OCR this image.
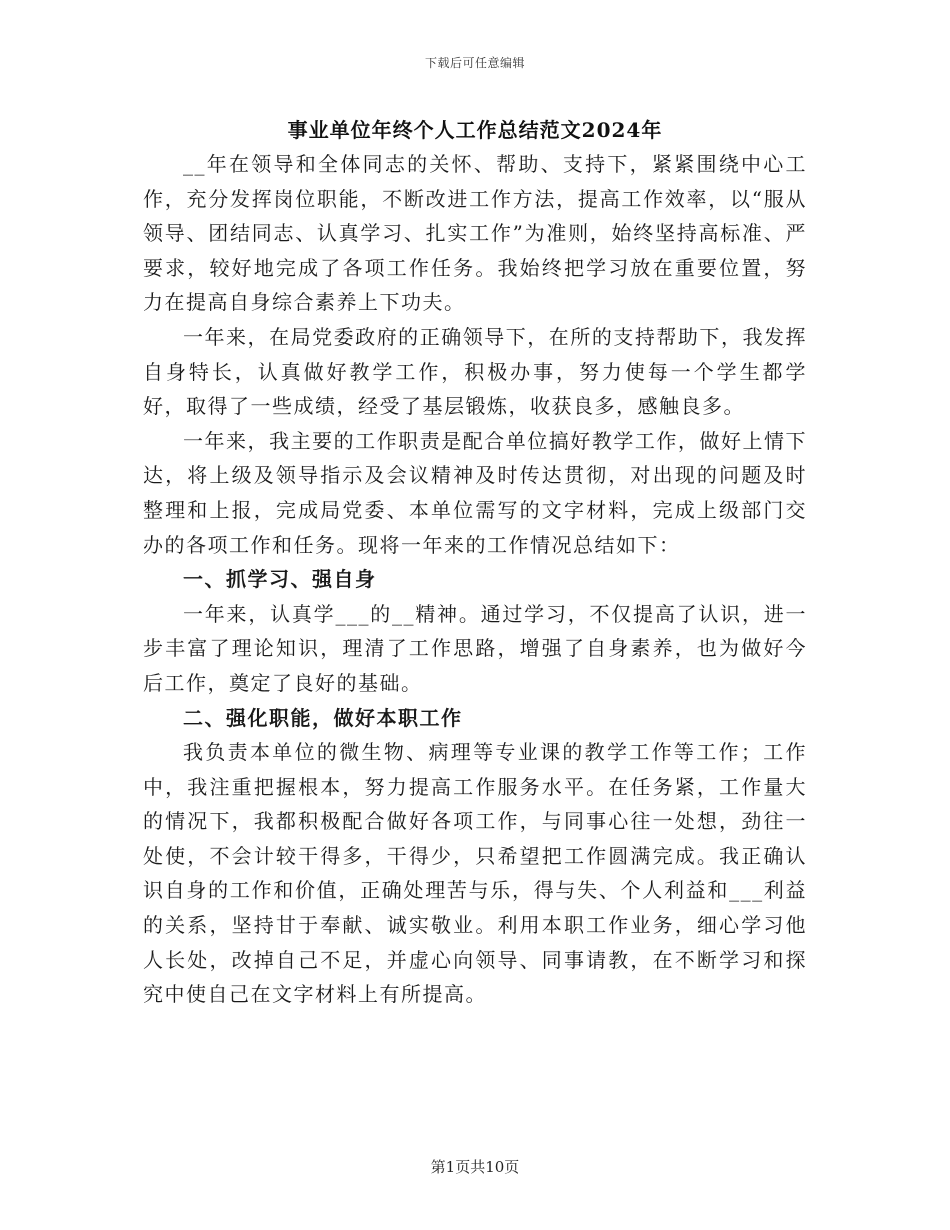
下载后可任意编辑
事业单位年终个人工作总结范文2024年

__年在领导和全体同志的关怀、帮助、支持下，紧紧围绕中心工作，充分发挥岗位职能，不断改进工作方法，提高工作效率，以“服从领导、团结同志、认真学习、扎实工作”为准则，始终坚持高标准、严要求，较好地完成了各项工作任务。我始终把学习放在重要位置，努力在提高自身综合素养上下功夫。

一年来，在局党委政府的正确领导下，在所的支持帮助下，我发挥自身特长，认真做好教学工作，积极办事，努力使每一个学生都学好，取得了一些成绩，经受了基层锻炼，收获良多，感触良多。

一年来，我主要的工作职责是配合单位搞好教学工作，做好上情下达，将上级及领导指示及会议精神及时传达贯彻，对出现的问题及时整理和上报，完成局党委、本单位需写的文字材料，完成上级部门交办的各项工作和任务。现将一年来的工作情况总结如下：

一、抓学习、强自身

一年来，认真学___的__精神。通过学习，不仅提高了认识，进一步丰富了理论知识，理清了工作思路，增强了自身素养，也为做好今后工作，奠定了良好的基础。

二、强化职能，做好本职工作

我负责本单位的微生物、病理等专业课的教学工作等工作；工作中，我注重把握根本，努力提高工作服务水平。在任务紧，工作量大的情况下，我都积极配合做好各项工作，与同事心往一处想，劲往一处使，不会计较干得多，干得少，只希望把工作圆满完成。我正确认识自身的工作和价值，正确处理苦与乐，得与失、个人利益和___利益的关系，坚持甘于奉献、诚实敬业。利用本职工作业务，细心学习他人长处，改掉自己不足，并虚心向领导、同事请教，在不断学习和探究中使自己在文字材料上有所提高。

第1页共10页
